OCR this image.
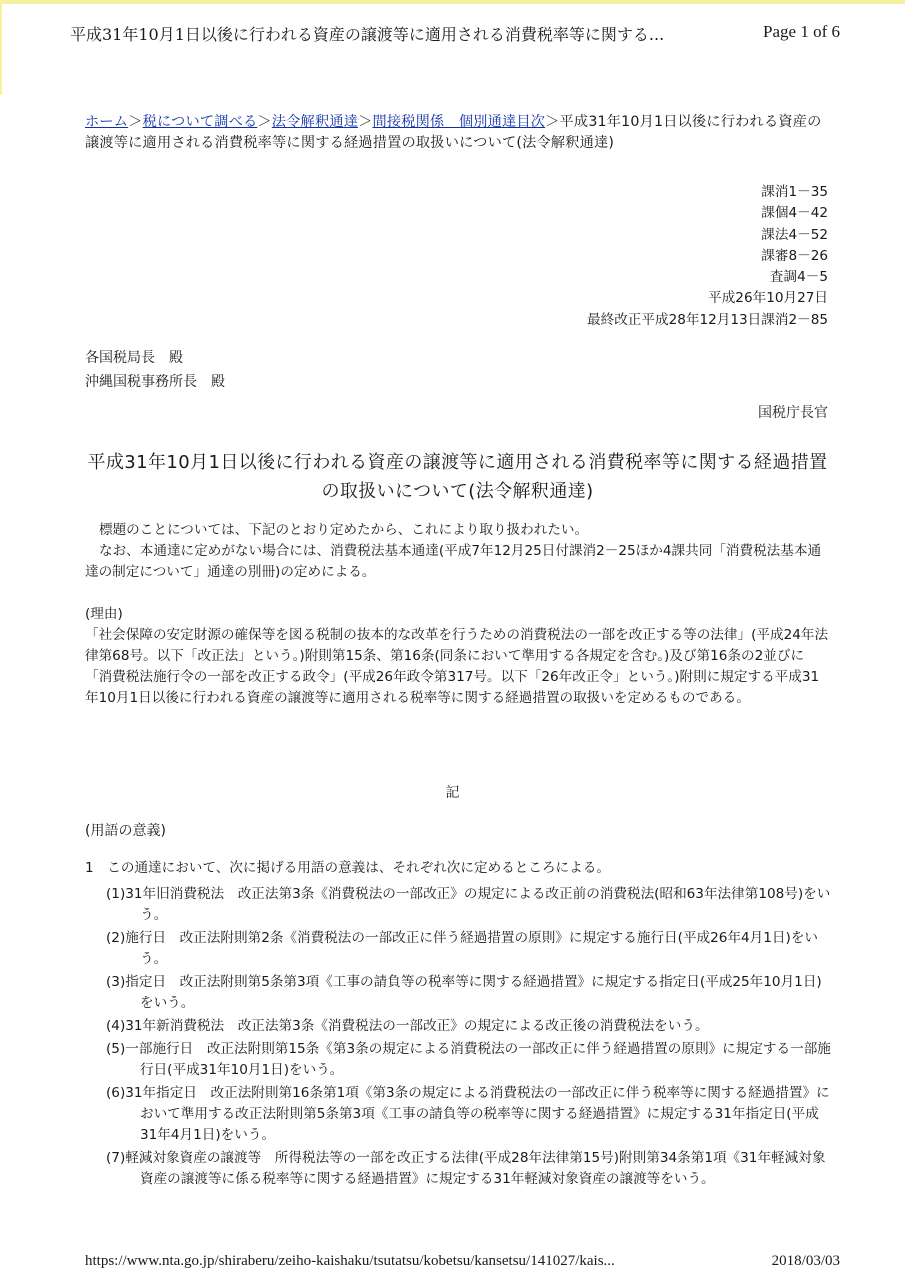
平成31年10月1日以後に行われる資産の譲渡等に適用される消費税率等に関する...	Page 1 of 6
ホーム＞税について調べる＞法令解釈通達＞間接税関係　個別通達目次＞平成31年10月1日以後に行われる資産の譲渡等に適用される消費税率等に関する経過措置の取扱いについて(法令解釈通達)
課消1－35
課個4－42
課法4－52
課審8－26
査調4－5
平成26年10月27日
最終改正平成28年12月13日課消2－85
各国税局長　殿
沖縄国税事務所長　殿
国税庁長官
平成31年10月1日以後に行われる資産の譲渡等に適用される消費税率等に関する経過措置の取扱いについて(法令解釈通達)
標題のことについては、下記のとおり定めたから、これにより取り扱われたい。
なお、本通達に定めがない場合には、消費税法基本通達(平成7年12月25日付課消2－25ほか4課共同「消費税法基本通達の制定について」通達の別冊)の定めによる。
(理由)
「社会保障の安定財源の確保等を図る税制の抜本的な改革を行うための消費税法の一部を改正する等の法律」(平成24年法律第68号。以下「改正法」という。)附則第15条、第16条(同条において準用する各規定を含む。)及び第16条の2並びに「消費税法施行令の一部を改正する政令」(平成26年政令第317号。以下「26年改正令」という。)附則に規定する平成31年10月1日以後に行われる資産の譲渡等に適用される税率等に関する経過措置の取扱いを定めるものである。
記
(用語の意義)
1　この通達において、次に掲げる用語の意義は、それぞれ次に定めるところによる。
(1)31年旧消費税法　改正法第3条《消費税法の一部改正》の規定による改正前の消費税法(昭和63年法律第108号)をいう。
(2)施行日　改正法附則第2条《消費税法の一部改正に伴う経過措置の原則》に規定する施行日(平成26年4月1日)をいう。
(3)指定日　改正法附則第5条第3項《工事の請負等の税率等に関する経過措置》に規定する指定日(平成25年10月1日)をいう。
(4)31年新消費税法　改正法第3条《消費税法の一部改正》の規定による改正後の消費税法をいう。
(5)一部施行日　改正法附則第15条《第3条の規定による消費税法の一部改正に伴う経過措置の原則》に規定する一部施行日(平成31年10月1日)をいう。
(6)31年指定日　改正法附則第16条第1項《第3条の規定による消費税法の一部改正に伴う税率等に関する経過措置》において準用する改正法附則第5条第3項《工事の請負等の税率等に関する経過措置》に規定する31年指定日(平成31年4月1日)をいう。
(7)軽減対象資産の譲渡等　所得税法等の一部を改正する法律(平成28年法律第15号)附則第34条第1項《31年軽減対象資産の譲渡等に係る税率等に関する経過措置》に規定する31年軽減対象資産の譲渡等をいう。
https://www.nta.go.jp/shiraberu/zeiho-kaishaku/tsutatsu/kobetsu/kansetsu/141027/kais...	2018/03/03
